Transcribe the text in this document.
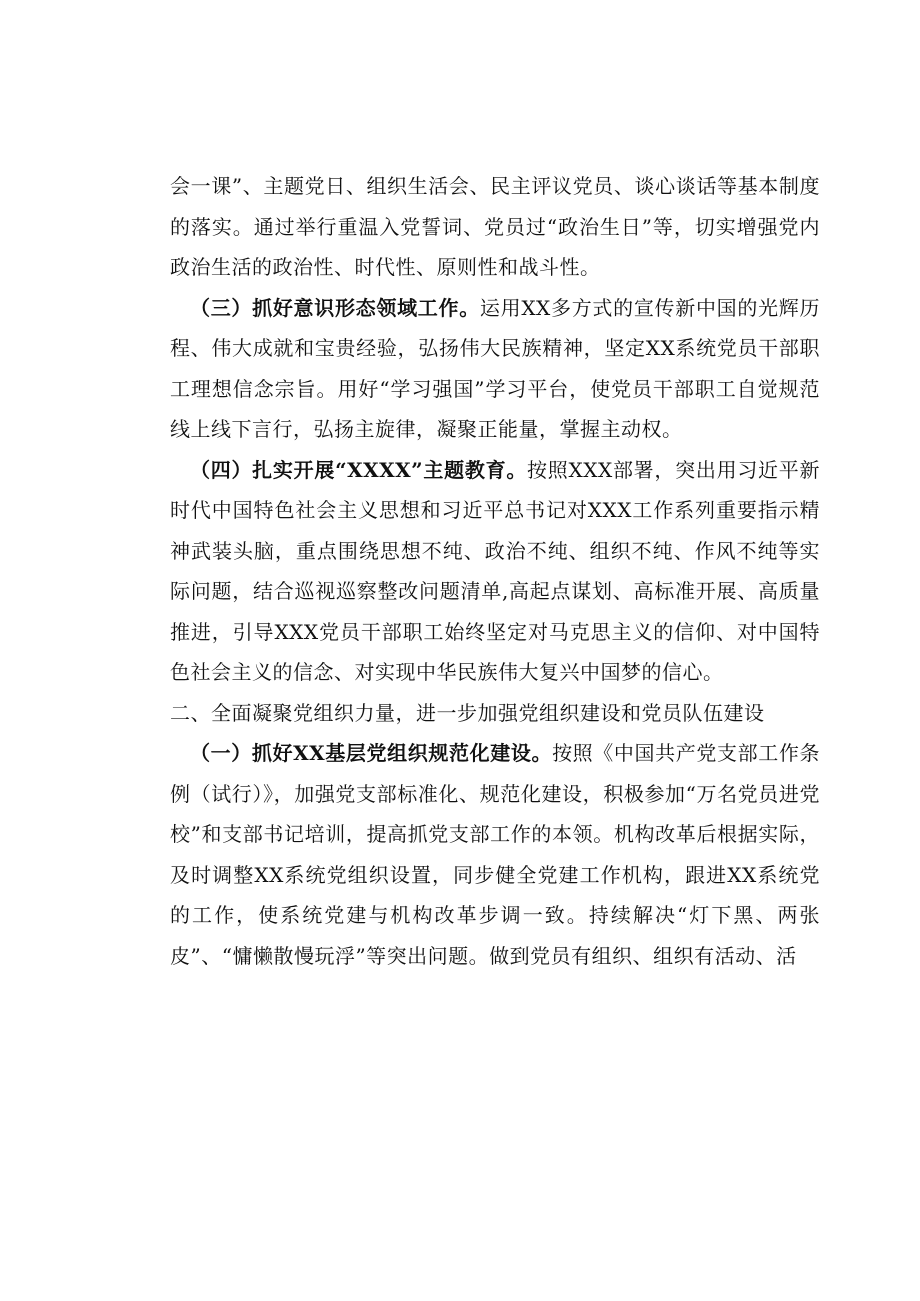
会一课”、主题党日、组织生活会、民主评议党员、谈心谈话等基本制度的落实。通过举行重温入党誓词、党员过“政治生日”等，切实增强党内政治生活的政治性、时代性、原则性和战斗性。

（三）抓好意识形态领域工作。运用XX多方式的宣传新中国的光辉历程、伟大成就和宝贵经验，弘扬伟大民族精神，坚定XX系统党员干部职工理想信念宗旨。用好“学习强国”学习平台，使党员干部职工自觉规范线上线下言行，弘扬主旋律，凝聚正能量，掌握主动权。

（四）扎实开展“XXXX”主题教育。按照XXX部署，突出用习近平新时代中国特色社会主义思想和习近平总书记对XXX工作系列重要指示精神武装头脑，重点围绕思想不纯、政治不纯、组织不纯、作风不纯等实际问题，结合巡视巡察整改问题清单,高起点谋划、高标准开展、高质量推进，引导XXX党员干部职工始终坚定对马克思主义的信仰、对中国特色社会主义的信念、对实现中华民族伟大复兴中国梦的信心。

二、全面凝聚党组织力量，进一步加强党组织建设和党员队伍建设

（一）抓好XX基层党组织规范化建设。按照《中国共产党支部工作条例（试行）》，加强党支部标准化、规范化建设，积极参加“万名党员进党校”和支部书记培训，提高抓党支部工作的本领。机构改革后根据实际，及时调整XX系统党组织设置，同步健全党建工作机构，跟进XX系统党的工作，使系统党建与机构改革步调一致。持续解决“灯下黑、两张皮”、“慵懒散慢玩浮”等突出问题。做到党员有组织、组织有活动、活
